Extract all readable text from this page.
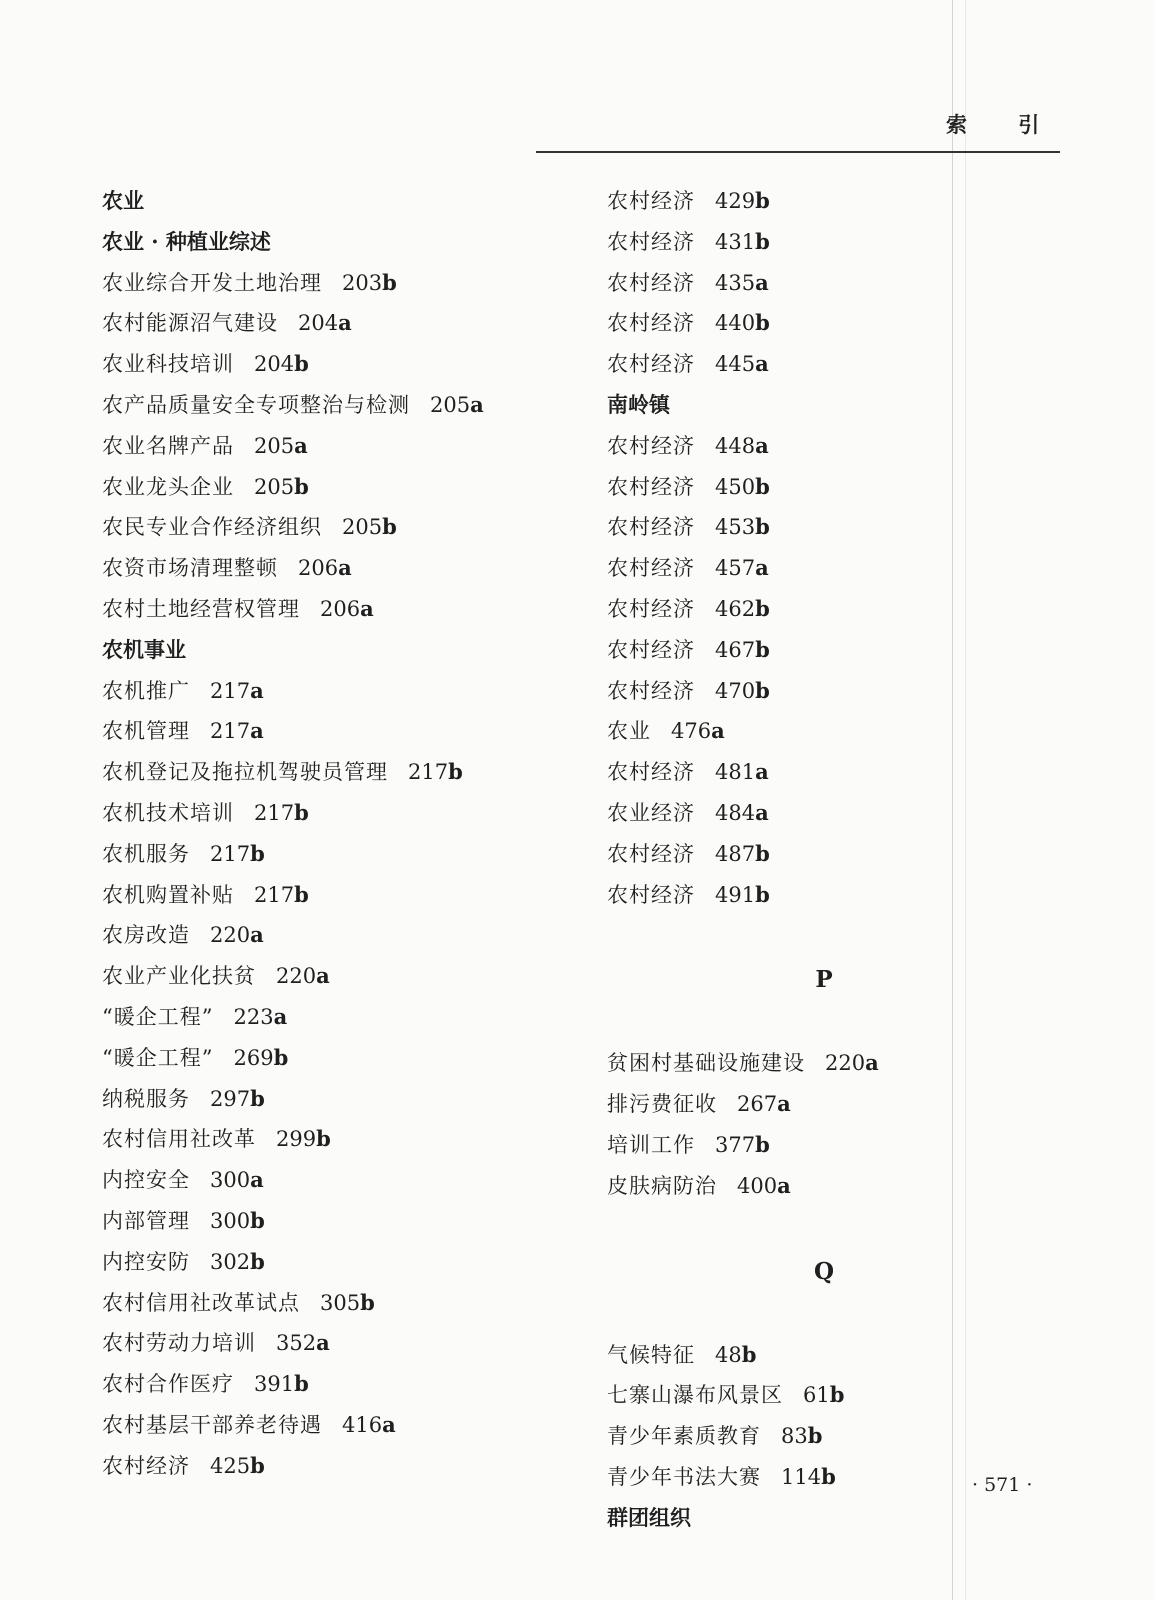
索 引
农业
农业 · 种植业综述
农业综合开发土地治理 203b
农村能源沼气建设 204a
农业科技培训 204b
农产品质量安全专项整治与检测 205a
农业名牌产品 205a
农业龙头企业 205b
农民专业合作经济组织 205b
农资市场清理整顿 206a
农村土地经营权管理 206a
农机事业
农机推广 217a
农机管理 217a
农机登记及拖拉机驾驶员管理 217b
农机技术培训 217b
农机服务 217b
农机购置补贴 217b
农房改造 220a
农业产业化扶贫 220a
“暖企工程” 223a
“暖企工程” 269b
纳税服务 297b
农村信用社改革 299b
内控安全 300a
内部管理 300b
内控安防 302b
农村信用社改革试点 305b
农村劳动力培训 352a
农村合作医疗 391b
农村基层干部养老待遇 416a
农村经济 425b
农村经济 429b
农村经济 431b
农村经济 435a
农村经济 440b
农村经济 445a
南岭镇
农村经济 448a
农村经济 450b
农村经济 453b
农村经济 457a
农村经济 462b
农村经济 467b
农村经济 470b
农业 476a
农村经济 481a
农业经济 484a
农村经济 487b
农村经济 491b
P
贫困村基础设施建设 220a
排污费征收 267a
培训工作 377b
皮肤病防治 400a
Q
气候特征 48b
七寨山瀑布风景区 61b
青少年素质教育 83b
青少年书法大赛 114b
群团组织
· 571 ·
